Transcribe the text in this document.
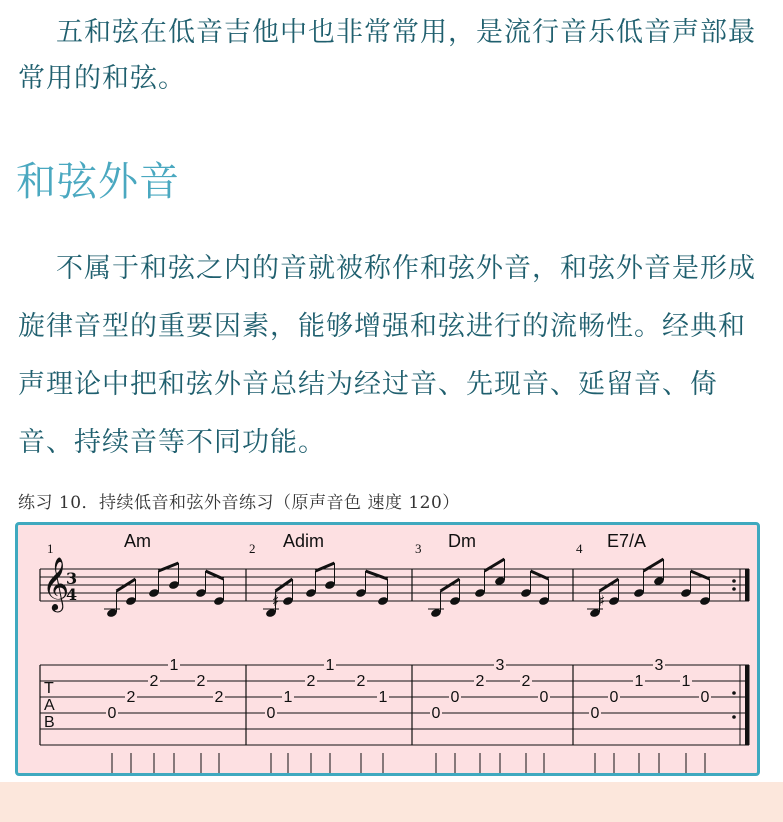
五和弦在低音吉他中也非常常用，是流行音乐低音声部最常用的和弦。

和弦外音

不属于和弦之内的音就被称作和弦外音，和弦外音是形成旋律音型的重要因素，能够增强和弦进行的流畅性。经典和声理论中把和弦外音总结为经过音、先现音、延留音、倚音、持续音等不同功能。

练习 10．持续低音和弦外音练习（原声音色 速度 120）

𝄞
3
4
T
A
B
1	Am
0
2
2
1
2
2
2 Adim
0
1
2
1
2
1
♯
3 Dm
0
0
2
3
2
0
4 E7/A
0
0
1
3
1
0
♯
